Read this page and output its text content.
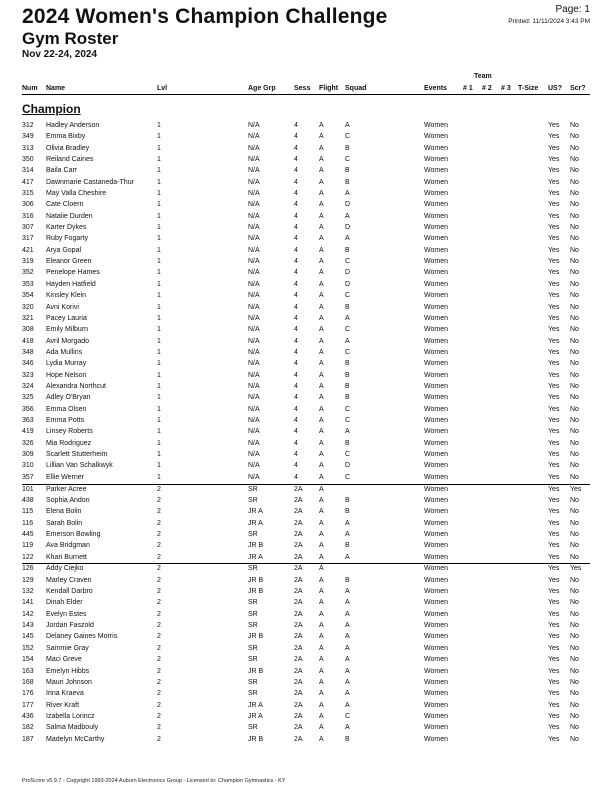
2024 Women's Champion Challenge
Gym Roster
Nov 22-24, 2024
Page: 1
Printed: 11/11/2024 3:43 PM
Team
Num Name	Lvl	Age Grp	Sess Flight Squad	Events # 1 # 2 # 3 T-Size US? Scr?
Champion
312 Hadley Anderson	1	N/A	4	A	A	Women	Yes No
349 Emma Bixby	1	N/A	4	A	C	Women	Yes No
313 Olivia Bradley	1	N/A	4	A	B	Women	Yes No
350 Reiland Caines	1	N/A	4	A	C	Women	Yes No
314 Baila Carr	1	N/A	4	A	B	Women	Yes No
417 Dawnmarie Castaneda-Thur	1	N/A	4	A	B	Women	Yes No
315 May Valla Cheshire	1	N/A	4	A	A	Women	Yes No
306 Cate Cloern	1	N/A	4	A	D	Women	Yes No
316 Natalie Durden	1	N/A	4	A	A	Women	Yes No
307 Karter Dykes	1	N/A	4	A	D	Women	Yes No
317 Ruby Fogarty	1	N/A	4	A	A	Women	Yes No
421 Arya Gopal	1	N/A	4	A	B	Women	Yes No
319 Eleanor Green	1	N/A	4	A	C	Women	Yes No
352 Penelope Hames	1	N/A	4	A	D	Women	Yes No
353 Hayden Hatfield	1	N/A	4	A	D	Women	Yes No
354 Kinsley Klein	1	N/A	4	A	C	Women	Yes No
320 Avni Korivi	1	N/A	4	A	B	Women	Yes No
321 Pacey Lauria	1	N/A	4	A	A	Women	Yes No
308 Emily Milburn	1	N/A	4	A	C	Women	Yes No
418 Avril Morgado	1	N/A	4	A	A	Women	Yes No
348 Ada Mullins	1	N/A	4	A	C	Women	Yes No
346 Lydia Murray	1	N/A	4	A	B	Women	Yes No
323 Hope Nelson	1	N/A	4	A	B	Women	Yes No
324 Alexandra Northcut	1	N/A	4	A	B	Women	Yes No
325 Adley O'Bryan	1	N/A	4	A	B	Women	Yes No
356 Emma Olsen	1	N/A	4	A	C	Women	Yes No
363 Emma Potts	1	N/A	4	A	C	Women	Yes No
419 Linsey Roberts	1	N/A	4	A	A	Women	Yes No
326 Mia Rodriguez	1	N/A	4	A	B	Women	Yes No
309 Scarlett Stutterheim	1	N/A	4	A	C	Women	Yes No
310 Lillian Van Schalkwyk	1	N/A	4	A	D	Women	Yes No
357 Ellie Werner	1	N/A	4	A	C	Women	Yes No
101 Parker Acree	2	SR	2A A	Women	Yes Yes
438 Sophia Andon	2	SR	2A A	B	Women	Yes No
115 Elena Bolin	2	JR A	2A A	B	Women	Yes No
116 Sarah Bolin	2	JR A	2A A	A	Women	Yes No
445 Emerson Bowling	2	SR	2A A	A	Women	Yes No
119 Ava Bridgman	2	JR B	2A A	B	Women	Yes No
122 Khari Burnett	2	JR A	2A A	A	Women	Yes No
126 Addy Ciejko	2	SR	2A A	Women	Yes Yes
129 Marley Craven	2	JR B	2A A	B	Women	Yes No
132 Kendall Darbro	2	JR B	2A A	A	Women	Yes No
141 Dinah Elder	2	SR	2A A	A	Women	Yes No
142 Evelyn Estes	2	SR	2A A	A	Women	Yes No
143 Jordan Faszold	2	SR	2A A	A	Women	Yes No
145 Delaney Gaines Morris	2	JR B	2A A	A	Women	Yes No
152 Sammie Gray	2	SR	2A A	A	Women	Yes No
154 Maci Greve	2	SR	2A A	A	Women	Yes No
163 Emelyn Hibbs	2	JR B	2A A	A	Women	Yes No
168 Mauri Johnson	2	SR	2A A	A	Women	Yes No
176 Irina Kraeva	2	SR	2A A	A	Women	Yes No
177 River Kraft	2	JR A	2A A	A	Women	Yes No
436 Izabella Lorincz	2	JR A	2A A	C	Women	Yes No
182 Salma Madbouly	2	SR	2A A	A	Women	Yes No
187 Madelyn McCarthy	2	JR B	2A A	B	Women	Yes No
ProScore v5.9.7 - Copyright 1993-2024 Auburn Electronics Group - Licensed to: Champion Gymnastics - KY
